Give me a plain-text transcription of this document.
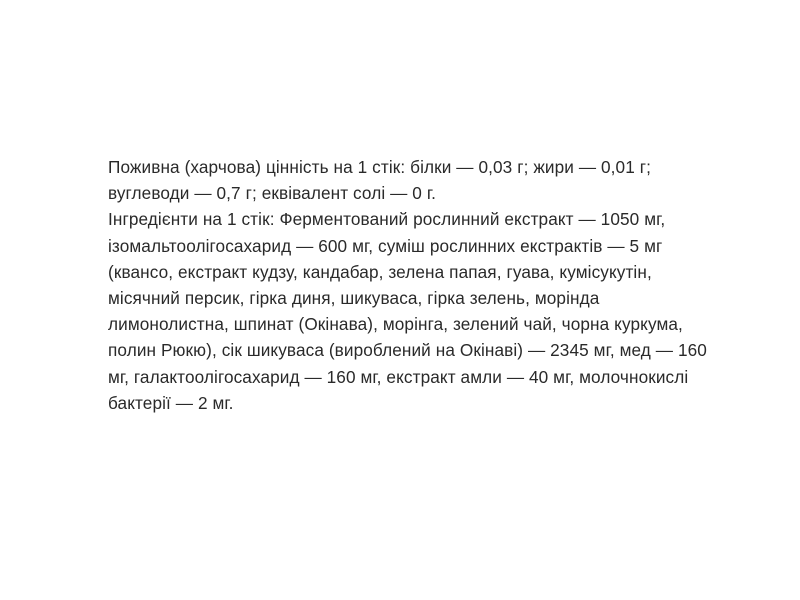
Поживна (харчова) цінність на 1 стік: білки — 0,03 г; жири — 0,01 г; вуглеводи — 0,7 г; еквівалент солі — 0 г.

Інгредієнти на 1 стік: Ферментований рослинний екстракт — 1050 мг, ізомальтоолігосахарид — 600 мг, суміш рослинних екстрактів — 5 мг (квансо, екстракт кудзу, кандабар, зелена папая, гуава, кумісукутін, місячний персик, гірка диня, шикуваса, гірка зелень, моріндa лимонолистна, шпинат (Окінава), морінга, зелений чай, чорна куркума, полин Рюкю), сік шикуваса (вироблений на Окінаві) — 2345 мг, мед — 160 мг, галактоолігосахарид — 160 мг, екстракт амли — 40 мг, молочнокислі бактерії — 2 мг.
